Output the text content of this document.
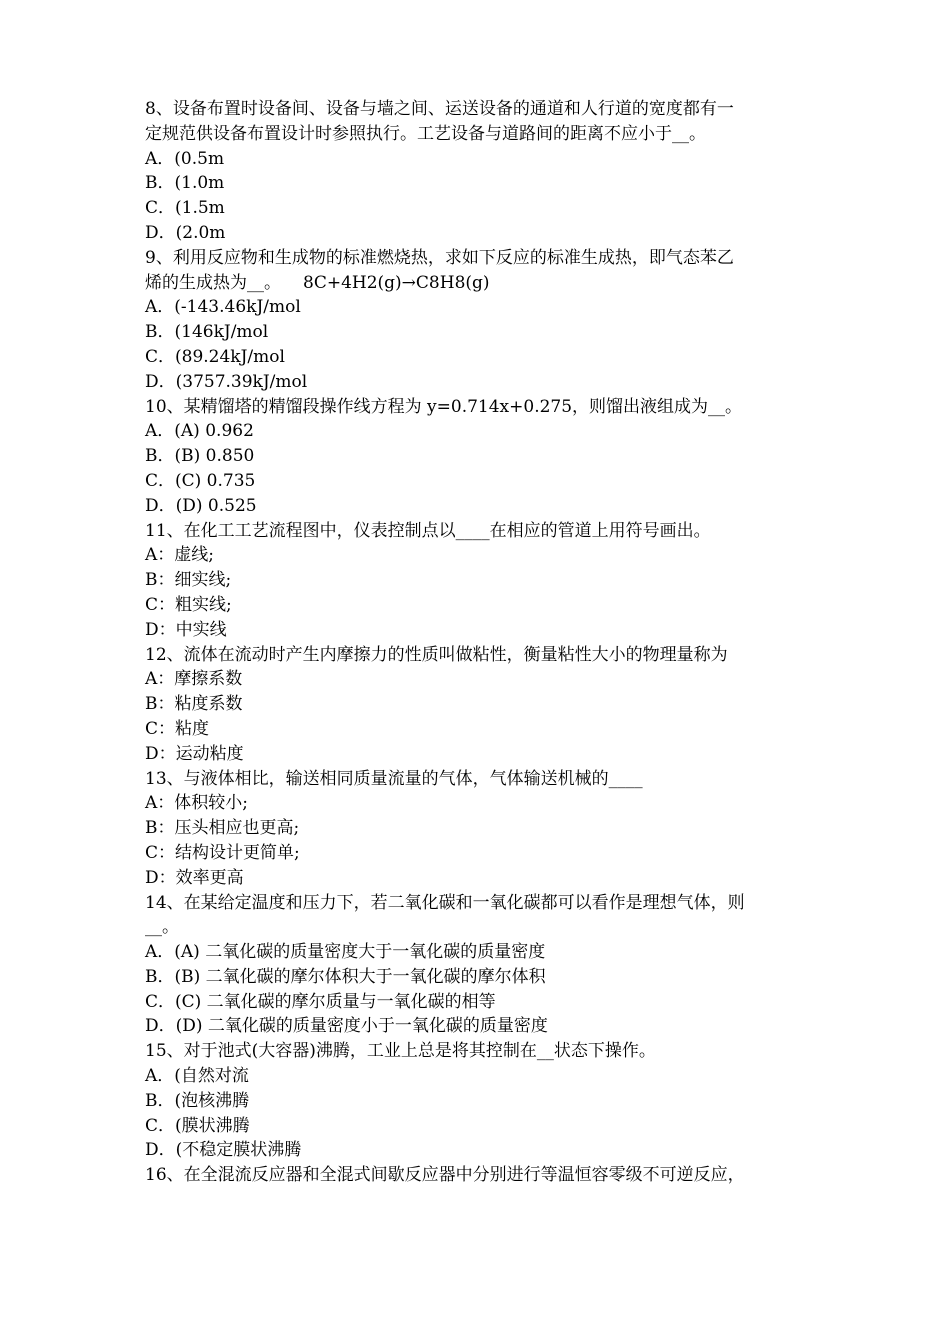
8、设备布置时设备间、设备与墙之间、运送设备的通道和人行道的宽度都有一
定规范供设备布置设计时参照执行。工艺设备与道路间的距离不应小于__。
A．(0.5m
B．(1.0m
C．(1.5m
D．(2.0m
9、利用反应物和生成物的标准燃烧热，求如下反应的标准生成热，即气态苯乙
烯的生成热为__。 8C+4H2(g)→C8H8(g)
A．(-143.46kJ/mol
B．(146kJ/mol
C．(89.24kJ/mol
D．(3757.39kJ/mol
10、某精馏塔的精馏段操作线方程为 y=0.714x+0.275，则馏出液组成为__。
A．(A) 0.962
B．(B) 0.850
C．(C) 0.735
D．(D) 0.525
11、在化工工艺流程图中，仪表控制点以____在相应的管道上用符号画出。
A：虚线;
B：细实线;
C：粗实线;
D：中实线
12、流体在流动时产生内摩擦力的性质叫做粘性，衡量粘性大小的物理量称为
A：摩擦系数
B：粘度系数
C：粘度
D：运动粘度
13、与液体相比，输送相同质量流量的气体，气体输送机械的____
A：体积较小;
B：压头相应也更高;
C：结构设计更简单;
D：效率更高
14、在某给定温度和压力下，若二氧化碳和一氧化碳都可以看作是理想气体，则
__。
A．(A) 二氧化碳的质量密度大于一氧化碳的质量密度
B．(B) 二氧化碳的摩尔体积大于一氧化碳的摩尔体积
C．(C) 二氧化碳的摩尔质量与一氧化碳的相等
D．(D) 二氧化碳的质量密度小于一氧化碳的质量密度
15、对于池式(大容器)沸腾，工业上总是将其控制在__状态下操作。
A．(自然对流
B．(泡核沸腾
C．(膜状沸腾
D．(不稳定膜状沸腾
16、在全混流反应器和全混式间歇反应器中分别进行等温恒容零级不可逆反应，
